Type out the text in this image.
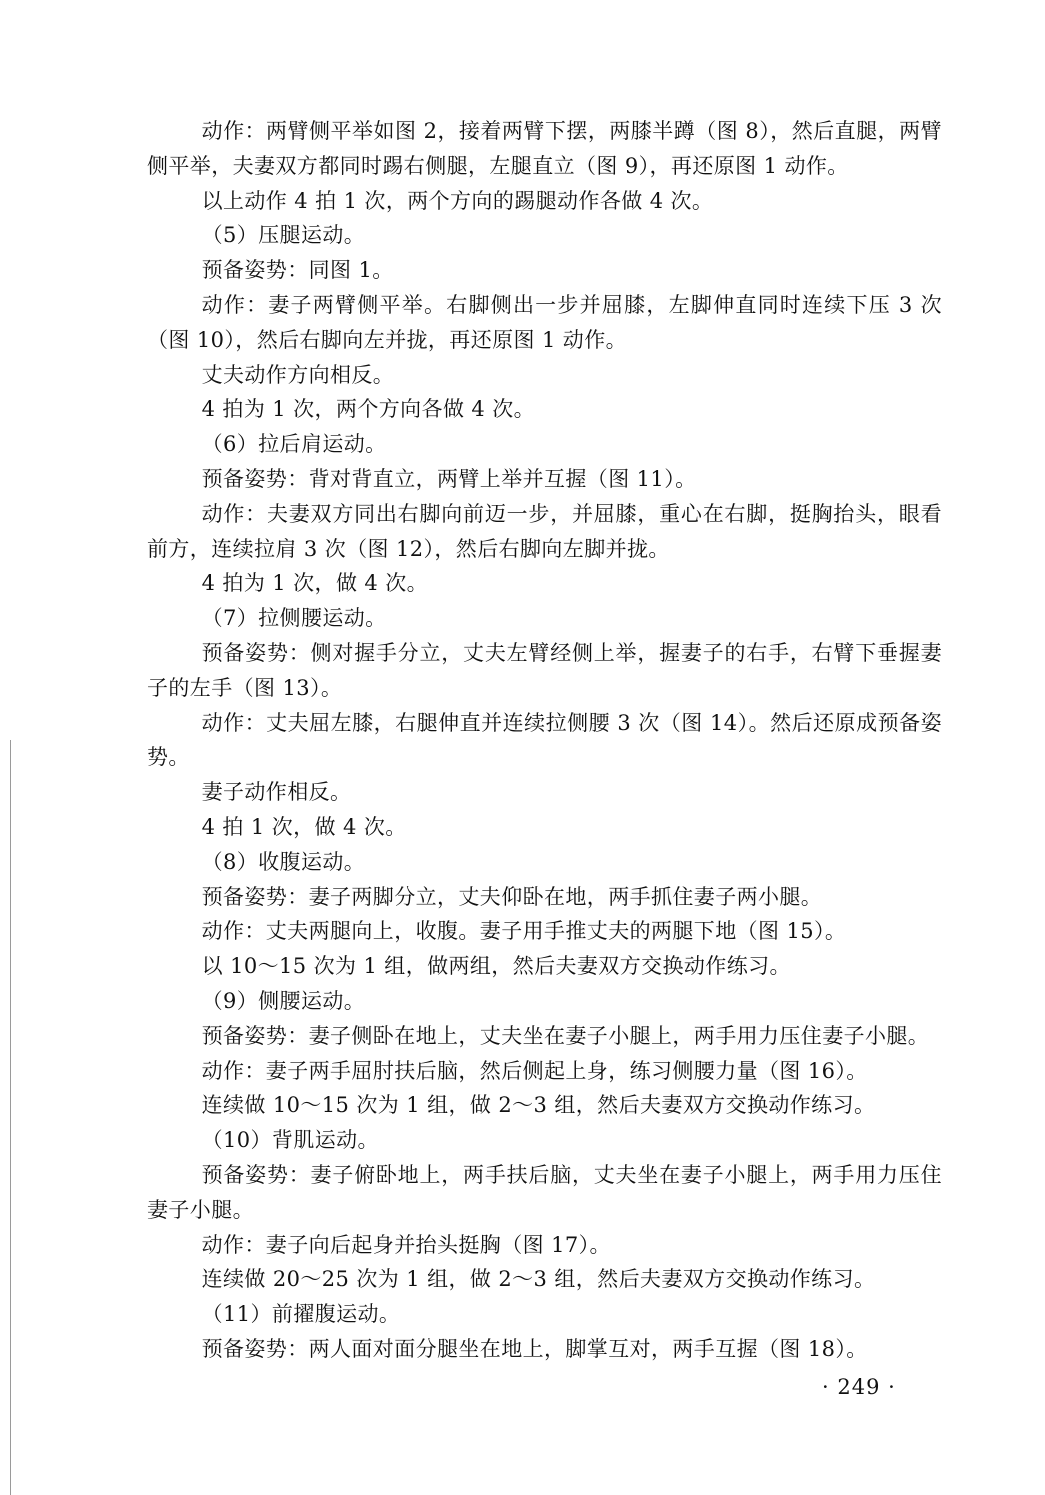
动作：两臂侧平举如图 2，接着两臂下摆，两膝半蹲（图 8），然后直腿，两臂侧平举，夫妻双方都同时踢右侧腿，左腿直立（图 9），再还原图 1 动作。

以上动作 4 拍 1 次，两个方向的踢腿动作各做 4 次。

（5）压腿运动。

预备姿势：同图 1。

动作：妻子两臂侧平举。右脚侧出一步并屈膝，左脚伸直同时连续下压 3 次（图 10），然后右脚向左并拢，再还原图 1 动作。

丈夫动作方向相反。

4 拍为 1 次，两个方向各做 4 次。

（6）拉后肩运动。

预备姿势：背对背直立，两臂上举并互握（图 11）。

动作：夫妻双方同出右脚向前迈一步，并屈膝，重心在右脚，挺胸抬头，眼看前方，连续拉肩 3 次（图 12），然后右脚向左脚并拢。

4 拍为 1 次，做 4 次。

（7）拉侧腰运动。

预备姿势：侧对握手分立，丈夫左臂经侧上举，握妻子的右手，右臂下垂握妻子的左手（图 13）。

动作：丈夫屈左膝，右腿伸直并连续拉侧腰 3 次（图 14）。然后还原成预备姿势。

妻子动作相反。

4 拍 1 次，做 4 次。

（8）收腹运动。

预备姿势：妻子两脚分立，丈夫仰卧在地，两手抓住妻子两小腿。

动作：丈夫两腿向上，收腹。妻子用手推丈夫的两腿下地（图 15）。

以 10～15 次为 1 组，做两组，然后夫妻双方交换动作练习。

（9）侧腰运动。

预备姿势：妻子侧卧在地上，丈夫坐在妻子小腿上，两手用力压住妻子小腿。

动作：妻子两手屈肘扶后脑，然后侧起上身，练习侧腰力量（图 16）。

连续做 10～15 次为 1 组，做 2～3 组，然后夫妻双方交换动作练习。

（10）背肌运动。

预备姿势：妻子俯卧地上，两手扶后脑，丈夫坐在妻子小腿上，两手用力压住妻子小腿。

动作：妻子向后起身并抬头挺胸（图 17）。

连续做 20～25 次为 1 组，做 2～3 组，然后夫妻双方交换动作练习。

（11）前擢腹运动。

预备姿势：两人面对面分腿坐在地上，脚掌互对，两手互握（图 18）。

· 249 ·
